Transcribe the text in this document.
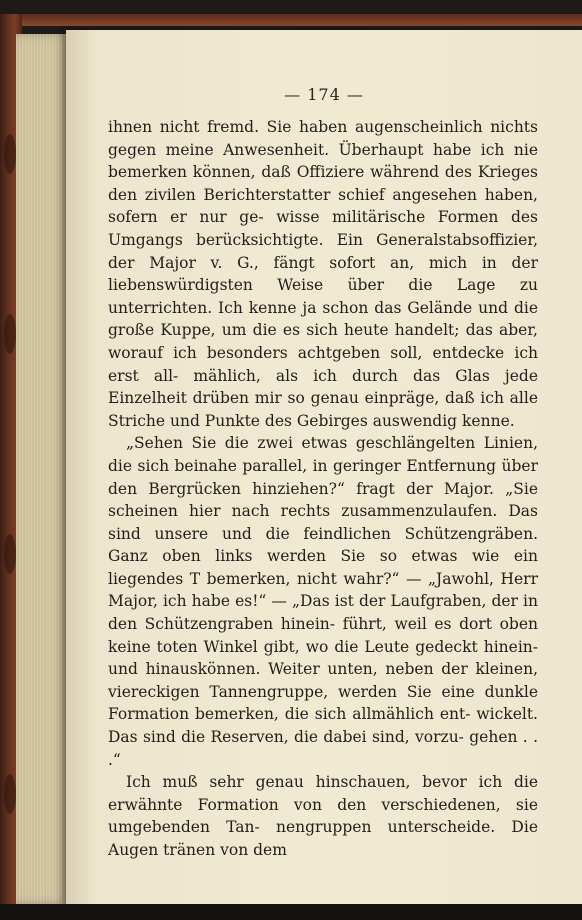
— 174 —

ihnen nicht fremd. Sie haben augenscheinlich nichts gegen meine Anwesenheit. Überhaupt habe ich nie bemerken können, daß Offiziere während des Krieges den zivilen Berichterstatter schief angesehen haben, sofern er nur ge- wisse militärische Formen des Umgangs berücksichtigte. Ein Generalstabsoffizier, der Major v. G., fängt sofort an, mich in der liebenswürdigsten Weise über die Lage zu unterrichten. Ich kenne ja schon das Gelände und die große Kuppe, um die es sich heute handelt; das aber, worauf ich besonders achtgeben soll, entdecke ich erst all- mählich, als ich durch das Glas jede Einzelheit drüben mir so genau einpräge, daß ich alle Striche und Punkte des Gebirges auswendig kenne.

„Sehen Sie die zwei etwas geschlängelten Linien, die sich beinahe parallel, in geringer Entfernung über den Bergrücken hinziehen?“ fragt der Major. „Sie scheinen hier nach rechts zusammenzulaufen. Das sind unsere und die feindlichen Schützengräben. Ganz oben links werden Sie so etwas wie ein liegendes T bemerken, nicht wahr?“ — „Jawohl, Herr Major, ich habe es!“ — „Das ist der Laufgraben, der in den Schützengraben hinein- führt, weil es dort oben keine toten Winkel gibt, wo die Leute gedeckt hinein- und hinauskönnen. Weiter unten, neben der kleinen, viereckigen Tannengruppe, werden Sie eine dunkle Formation bemerken, die sich allmählich ent- wickelt. Das sind die Reserven, die dabei sind, vorzu- gehen . . .“

Ich muß sehr genau hinschauen, bevor ich die erwähnte Formation von den verschiedenen, sie umgebenden Tan- nengruppen unterscheide. Die Augen tränen von dem
